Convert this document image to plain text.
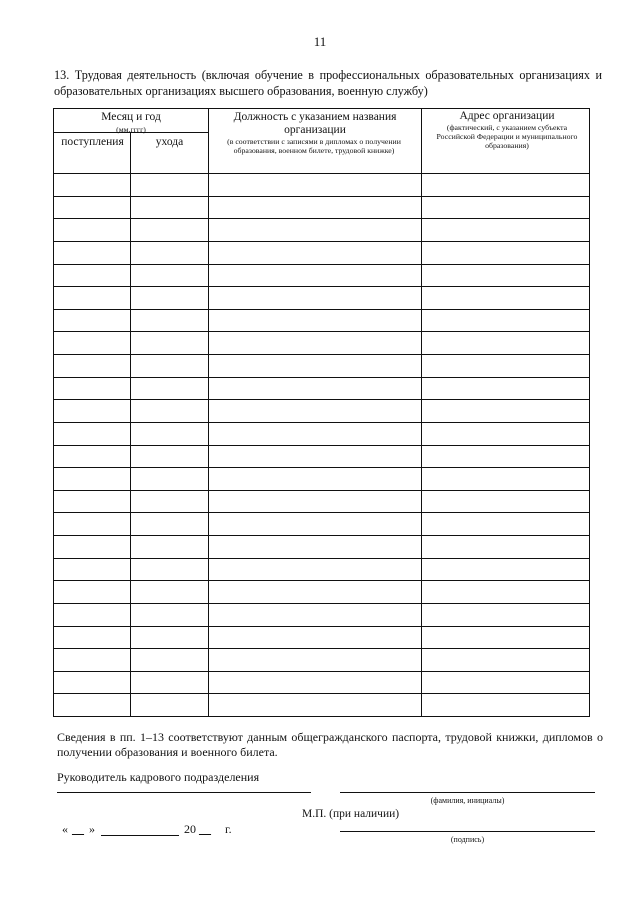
11
13. Трудовая деятельность (включая обучение в профессиональных образовательных организациях и образовательных организациях высшего образования, военную службу)
Месяц и год
(мм.гггг)
поступления	ухода
Должность с указанием названия организации
(в соответствии с записями в дипломах о получении образования, военном билете, трудовой книжке)
Адрес организации
(фактический, с указанием субъекта Российской Федерации и муниципального образования)
Сведения в пп. 1–13 соответствуют данным общегражданского паспорта, трудовой книжки, дипломов о получении образования и военного билета.
Руководитель кадрового подразделения
(фамилия, инициалы)
М.П. (при наличии)
« __ »	20 __ г.
(подпись)
